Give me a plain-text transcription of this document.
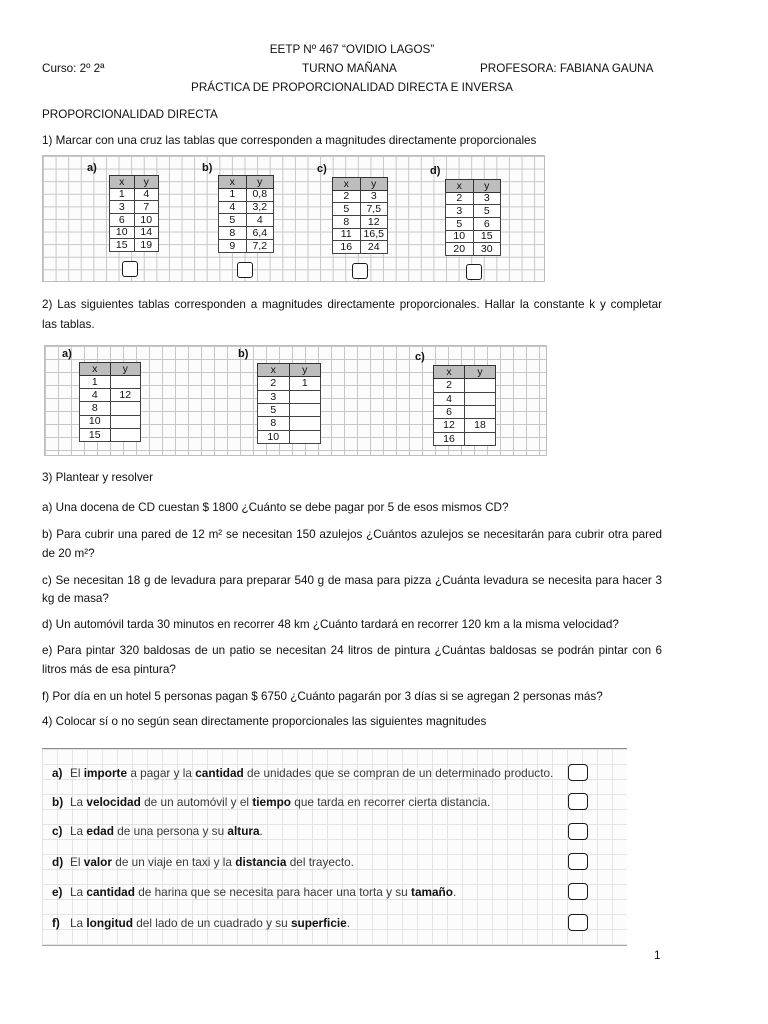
EETP Nº 467 “OVIDIO LAGOS”
Curso: 2º 2ª	TURNO MAÑANA	PROFESORA: FABIANA GAUNA
PRÁCTICA DE PROPORCIONALIDAD DIRECTA E INVERSA
PROPORCIONALIDAD DIRECTA
1) Marcar con una cruz las tablas que corresponden a magnitudes directamente proporcionales
a)
x	y
1	4
3	7
6	10
10	14
15	19
b)
x	y
1	0,8
4	3,2
5	4
8	6,4
9	7,2
c)
x	y
2	3
5	7,5
8	12
11	16,5
16	24
d)
x	y
2	3
3	5
5	6
10	15
20	30
2) Las siguientes tablas corresponden a magnitudes directamente proporcionales. Hallar la constante k y completar
las tablas.
a)
x	y
1	
4	12
8	
10	
15	
b)
x	y
2	1
3	
5	
8	
10	
c)
x	y
2	
4	
6	
12	18
16	
3) Plantear y resolver
a) Una docena de CD cuestan $ 1800 ¿Cuánto se debe pagar por 5 de esos mismos CD?
b) Para cubrir una pared de 12 m² se necesitan 150 azulejos ¿Cuántos azulejos se necesitarán para cubrir otra pared
de 20 m²?
c) Se necesitan 18 g de levadura para preparar 540 g de masa para pizza ¿Cuánta levadura se necesita para hacer 3
kg de masa?
d) Un automóvil tarda 30 minutos en recorrer 48 km ¿Cuánto tardará en recorrer 120 km a la misma velocidad?
e) Para pintar 320 baldosas de un patio se necesitan 24 litros de pintura ¿Cuántas baldosas se podrán pintar con 6
litros más de esa pintura?
f) Por día en un hotel 5 personas pagan $ 6750 ¿Cuánto pagarán por 3 días si se agregan 2 personas más?
4) Colocar sí o no según sean directamente proporcionales las siguientes magnitudes
a) El importe a pagar y la cantidad de unidades que se compran de un determinado producto.
b) La velocidad de un automóvil y el tiempo que tarda en recorrer cierta distancia.
c) La edad de una persona y su altura.
d) El valor de un viaje en taxi y la distancia del trayecto.
e) La cantidad de harina que se necesita para hacer una torta y su tamaño.
f) La longitud del lado de un cuadrado y su superficie.
1
